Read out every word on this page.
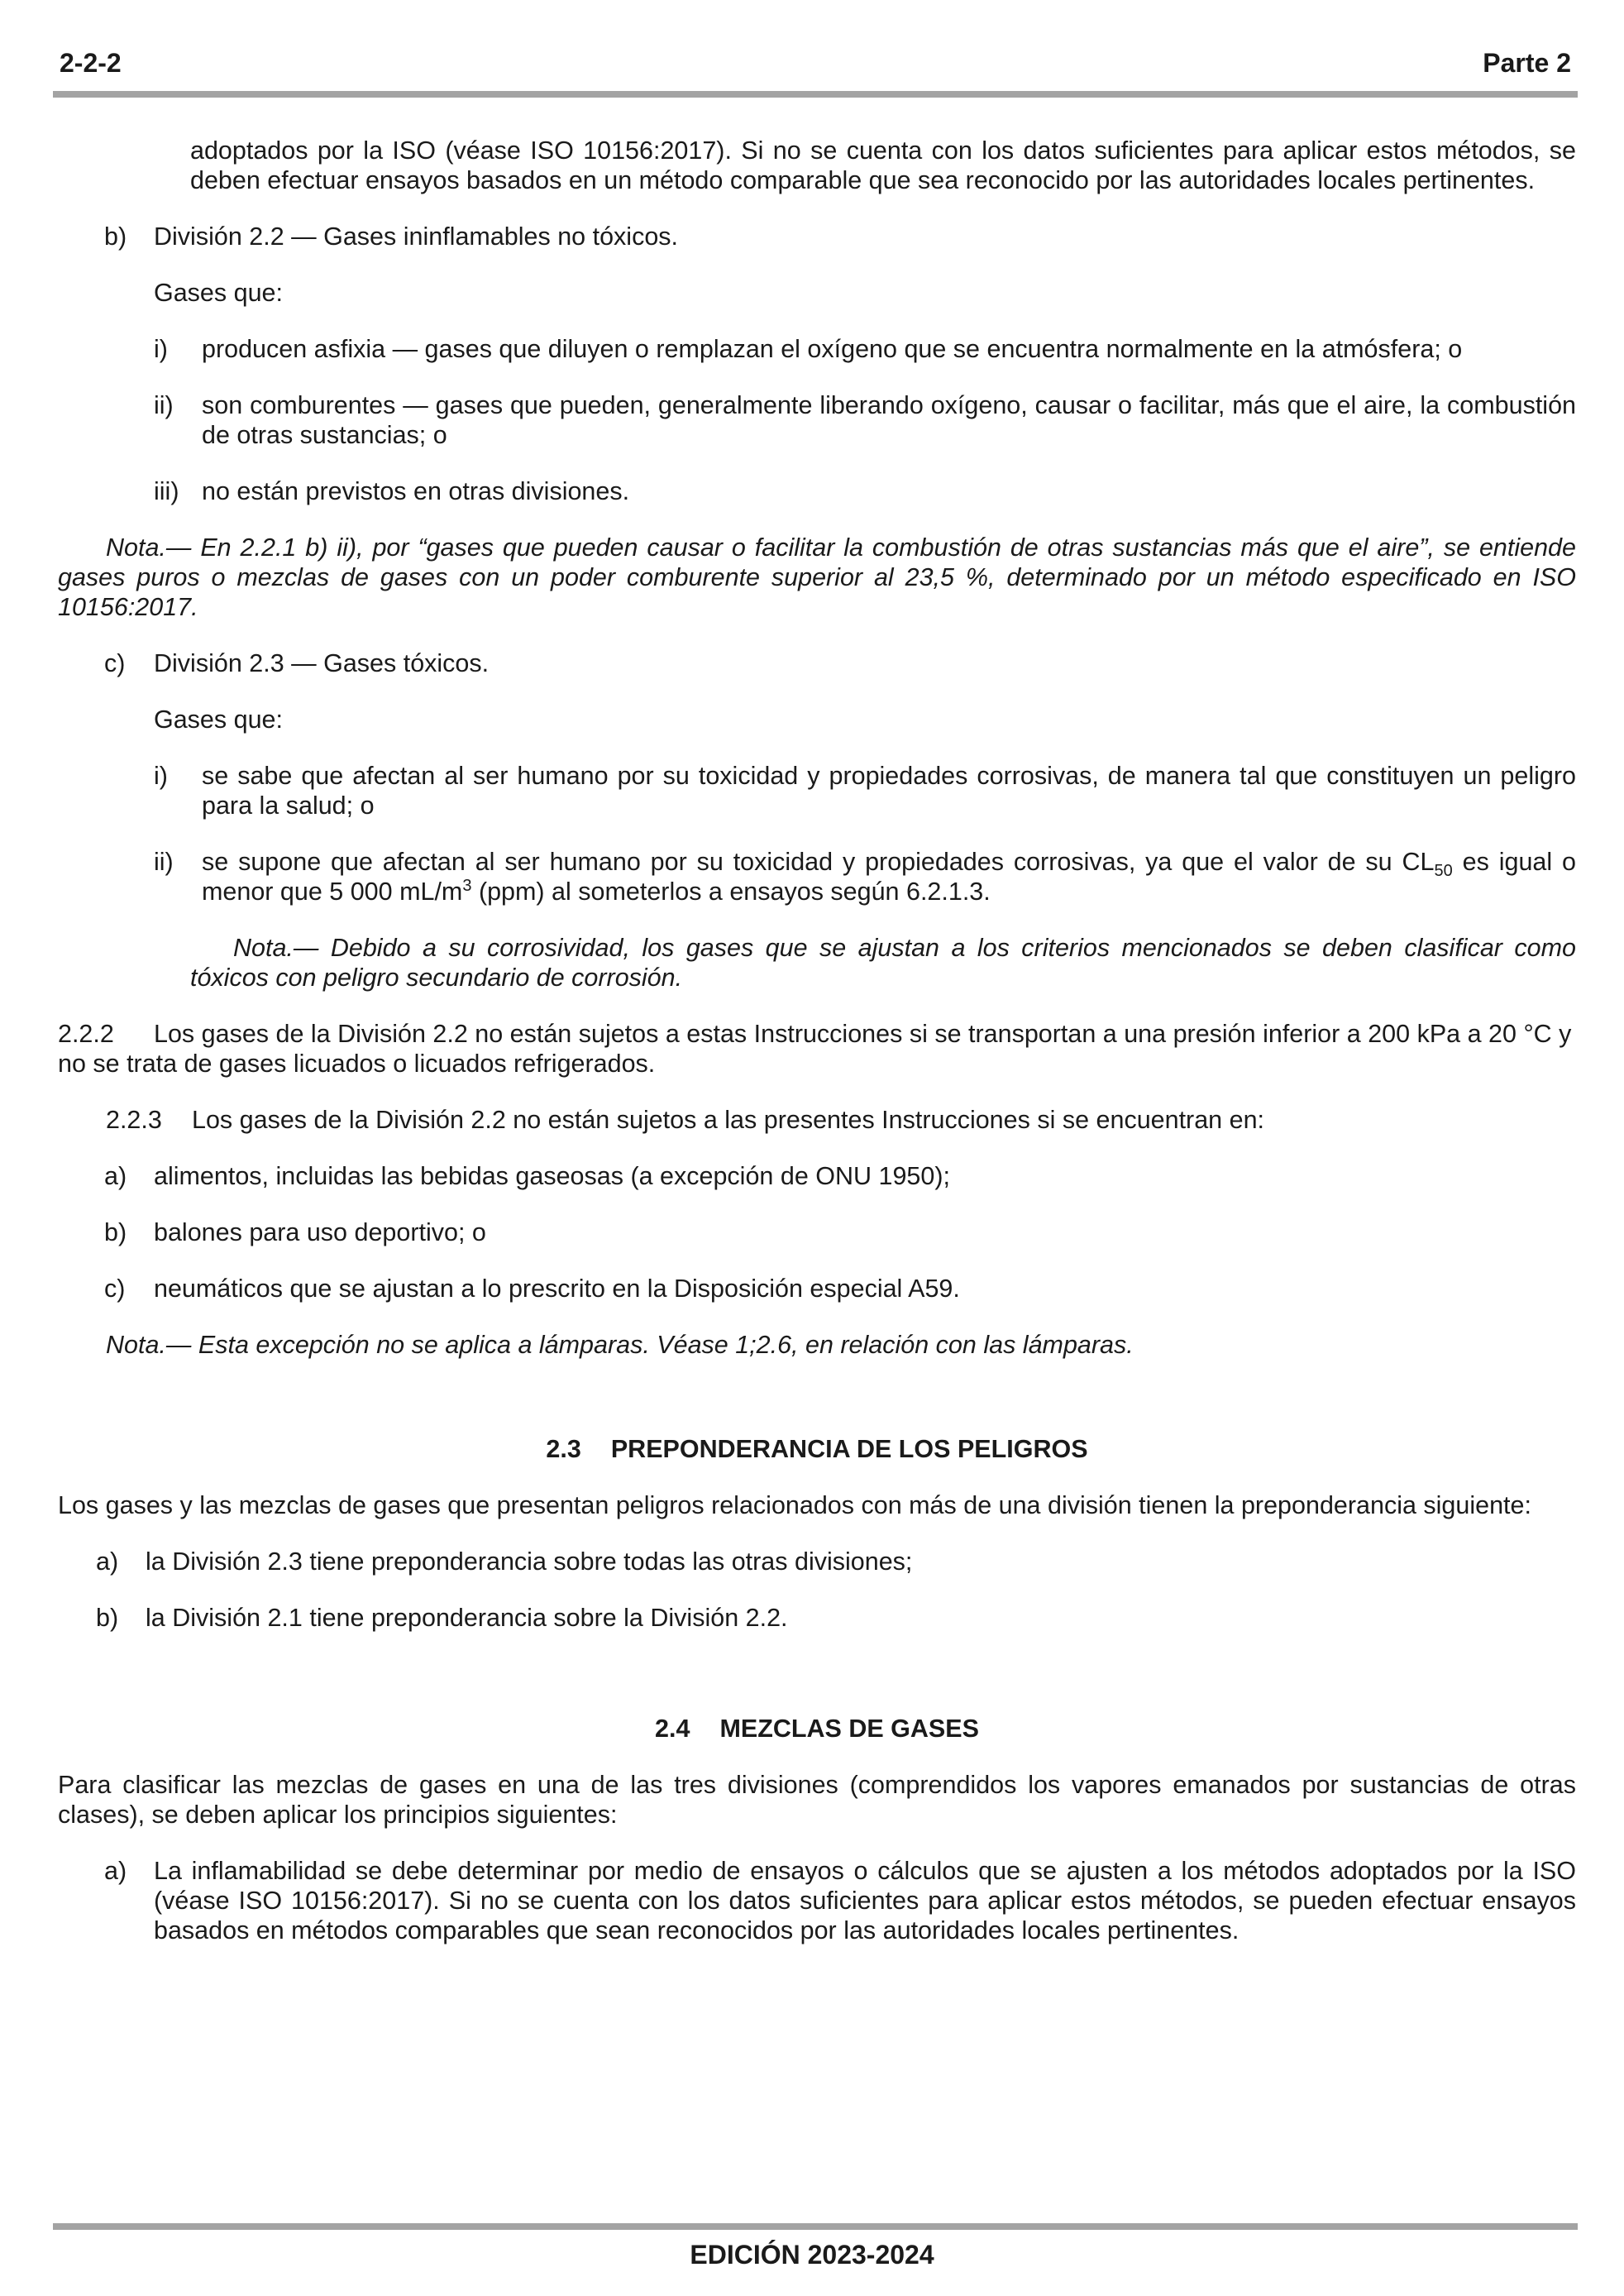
2-2-2	Parte 2

adoptados por la ISO (véase ISO 10156:2017). Si no se cuenta con los datos suficientes para aplicar estos métodos, se deben efectuar ensayos basados en un método comparable que sea reconocido por las autoridades locales pertinentes.

b)	División 2.2 — Gases ininflamables no tóxicos.

Gases que:

i)	producen asfixia — gases que diluyen o remplazan el oxígeno que se encuentra normalmente en la atmósfera; o
ii)	son comburentes — gases que pueden, generalmente liberando oxígeno, causar o facilitar, más que el aire, la combustión de otras sustancias; o
iii) no están previstos en otras divisiones.

Nota.— En 2.2.1 b) ii), por “gases que pueden causar o facilitar la combustión de otras sustancias más que el aire”, se entiende gases puros o mezclas de gases con un poder comburente superior al 23,5 %, determinado por un método especificado en ISO 10156:2017.

c)	División 2.3 — Gases tóxicos.

Gases que:

i)	se sabe que afectan al ser humano por su toxicidad y propiedades corrosivas, de manera tal que constituyen un peligro para la salud; o
ii)	se supone que afectan al ser humano por su toxicidad y propiedades corrosivas, ya que el valor de su $CL_{50}$ es igual o menor que 5 000 $mL/m^3$ (ppm) al someterlos a ensayos según 6.2.1.3.

Nota.— Debido a su corrosividad, los gases que se ajustan a los criterios mencionados se deben clasificar como tóxicos con peligro secundario de corrosión.

2.2.2 Los gases de la División 2.2 no están sujetos a estas Instrucciones si se transportan a una presión inferior a 200 kPa a 20 °C y no se trata de gases licuados o licuados refrigerados.
2.2.3	Los gases de la División 2.2 no están sujetos a las presentes Instrucciones si se encuentran en:
a)	alimentos, incluidas las bebidas gaseosas (a excepción de ONU 1950);
b)	balones para uso deportivo; o
c)	neumáticos que se ajustan a lo prescrito en la Disposición especial A59.

Nota.— Esta excepción no se aplica a lámparas. Véase 1;2.6, en relación con las lámparas.

2.3 PREPONDERANCIA DE LOS PELIGROS

Los gases y las mezclas de gases que presentan peligros relacionados con más de una división tienen la preponderancia siguiente:

a)	la División 2.3 tiene preponderancia sobre todas las otras divisiones;
b)	la División 2.1 tiene preponderancia sobre la División 2.2.
2.4 MEZCLAS DE GASES

Para clasificar las mezclas de gases en una de las tres divisiones (comprendidos los vapores emanados por sustancias de otras clases), se deben aplicar los principios siguientes:

a)	La inflamabilidad se debe determinar por medio de ensayos o cálculos que se ajusten a los métodos adoptados por la ISO (véase ISO 10156:2017). Si no se cuenta con los datos suficientes para aplicar estos métodos, se pueden efectuar ensayos basados en métodos comparables que sean reconocidos por las autoridades locales pertinentes.
EDICIÓN 2023-2024
